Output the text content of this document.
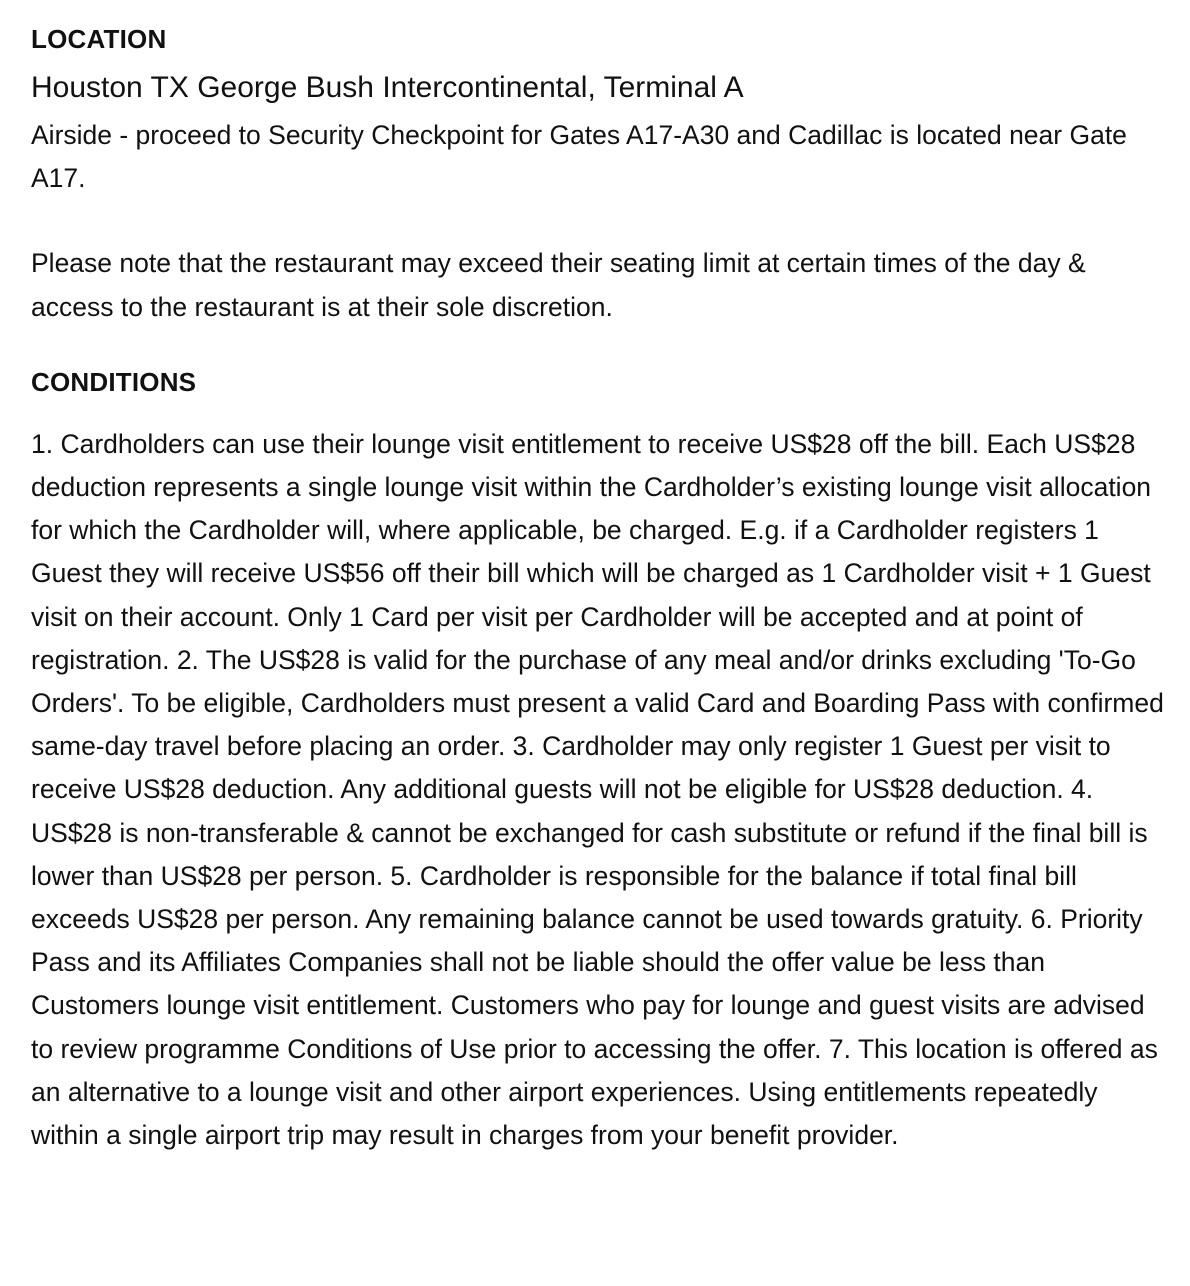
LOCATION
Houston TX George Bush Intercontinental, Terminal A

Airside - proceed to Security Checkpoint for Gates A17-A30 and Cadillac is located near Gate A17.

Please note that the restaurant may exceed their seating limit at certain times of the day & access to the restaurant is at their sole discretion.

CONDITIONS

1. Cardholders can use their lounge visit entitlement to receive US$28 off the bill. Each US$28 deduction represents a single lounge visit within the Cardholder’s existing lounge visit allocation for which the Cardholder will, where applicable, be charged. E.g. if a Cardholder registers 1 Guest they will receive US$56 off their bill which will be charged as 1 Cardholder visit + 1 Guest visit on their account. Only 1 Card per visit per Cardholder will be accepted and at point of registration. 2. The US$28 is valid for the purchase of any meal and/or drinks excluding 'To-Go Orders'. To be eligible, Cardholders must present a valid Card and Boarding Pass with confirmed same-day travel before placing an order. 3. Cardholder may only register 1 Guest per visit to receive US$28 deduction. Any additional guests will not be eligible for US$28 deduction. 4. US$28 is non-transferable & cannot be exchanged for cash substitute or refund if the final bill is lower than US$28 per person. 5. Cardholder is responsible for the balance if total final bill exceeds US$28 per person. Any remaining balance cannot be used towards gratuity. 6. Priority Pass and its Affiliates Companies shall not be liable should the offer value be less than Customers lounge visit entitlement. Customers who pay for lounge and guest visits are advised to review programme Conditions of Use prior to accessing the offer. 7. This location is offered as an alternative to a lounge visit and other airport experiences. Using entitlements repeatedly within a single airport trip may result in charges from your benefit provider.
